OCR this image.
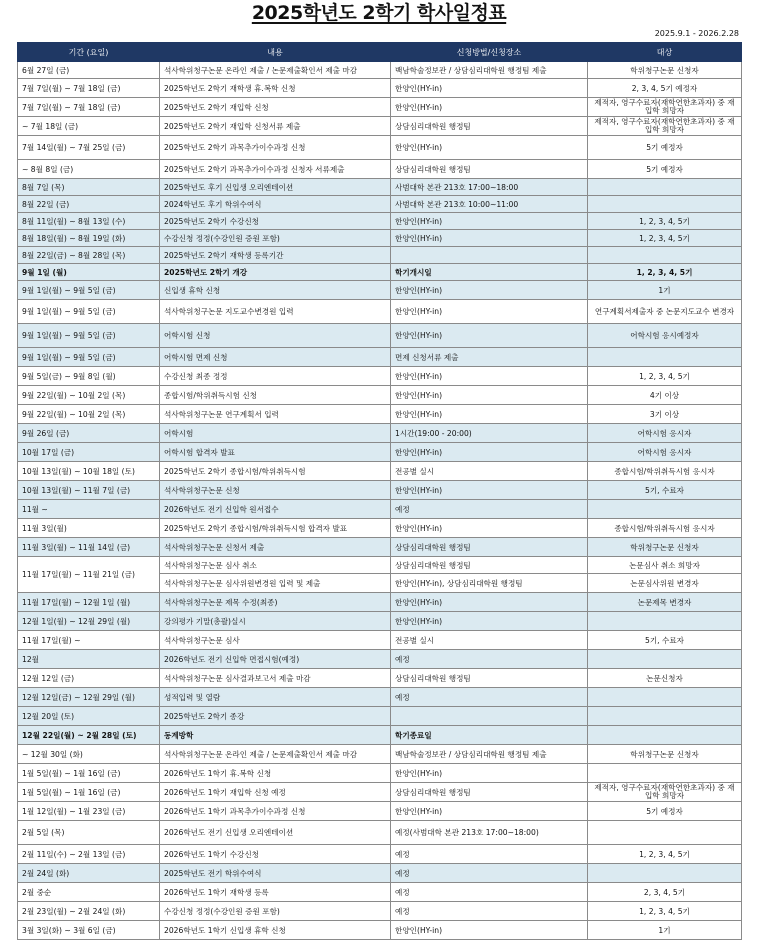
2025학년도 2학기 학사일정표
2025.9.1 - 2026.2.28
기간 (요일)	내용	신청방법/신청장소	대상
6월 27일 (금)	석사학위청구논문 온라인 제출 / 논문제출확인서 제출 마감	백남학술정보관 / 상담심리대학원 행정팀 제출	학위청구논문 신청자
7월 7일(월) ~ 7월 18일 (금)	2025학년도 2학기 재학생 휴.복학 신청	한양인(HY-in)	2, 3, 4, 5기 예정자
7월 7일(월) ~ 7월 18일 (금)	2025학년도 2학기 재입학 신청	한양인(HY-in)	제적자, 영구수료자(재학연한초과자) 중 재입학 희망자
~ 7월 18일 (금)	2025학년도 2학기 재입학 신청서류 제출	상담심리대학원 행정팀	제적자, 영구수료자(재학연한초과자) 중 재입학 희망자
7월 14일(월) ~ 7월 25일 (금)	2025학년도 2학기 과목추가이수과정 신청	한양인(HY-in)	5기 예정자
~ 8월 8일 (금)	2025학년도 2학기 과목추가이수과정 신청자 서류제출	상담심리대학원 행정팀	5기 예정자
8월 7일 (목)	2025학년도 후기 신입생 오리엔테이션	사범대학 본관 213호 17:00~18:00	
8월 22일 (금)	2024학년도 후기 학위수여식	사범대학 본관 213호 10:00~11:00	
8월 11일(월) ~ 8월 13일 (수)	2025학년도 2학기 수강신청	한양인(HY-in)	1, 2, 3, 4, 5기
8월 18일(월) ~ 8월 19일 (화)	수강신청 정정(수강인원 증원 포함)	한양인(HY-in)	1, 2, 3, 4, 5기
8월 22일(금) ~ 8월 28일 (목)	2025학년도 2학기 재학생 등록기간		
9월 1일 (월)	2025학년도 2학기 개강	학기개시일	1, 2, 3, 4, 5기
9월 1일(월) ~ 9월 5일 (금)	신입생 휴학 신청	한양인(HY-in)	1기
9월 1일(월) ~ 9월 5일 (금)	석사학위청구논문 지도교수변경원 입력	한양인(HY-in)	연구계획서제출자 중 논문지도교수 변경자
9월 1일(월) ~ 9월 5일 (금)	어학시험 신청	한양인(HY-in)	어학시험 응시예정자
9월 1일(월) ~ 9월 5일 (금)	어학시험 면제 신청	면제 신청서류 제출	
9월 5일(금) ~ 9월 8일 (월)	수강신청 최종 정정	한양인(HY-in)	1, 2, 3, 4, 5기
9월 22일(월) ~ 10월 2일 (목)	종합시험/학위취득시험 신청	한양인(HY-in)	4기 이상
9월 22일(월) ~ 10월 2일 (목)	석사학위청구논문 연구계획서 입력	한양인(HY-in)	3기 이상
9월 26일 (금)	어학시험	1시간(19:00 - 20:00)	어학시험 응시자
10월 17일 (금)	어학시험 합격자 발표	한양인(HY-in)	어학시험 응시자
10월 13일(월) ~ 10월 18일 (토)	2025학년도 2학기 종합시험/학위취득시험	전공별 실시	종합시험/학위취득시험 응시자
10월 13일(월) ~ 11월 7일 (금)	석사학위청구논문 신청	한양인(HY-in)	5기, 수료자
11월 ~	2026학년도 전기 신입학 원서접수	예정	
11월 3일(월)	2025학년도 2학기 종합시험/학위취득시험 합격자 발표	한양인(HY-in)	종합시험/학위취득시험 응시자
11월 3일(월) ~ 11월 14일 (금)	석사학위청구논문 신청서 제출	상담심리대학원 행정팀	학위청구논문 신청자
11월 17일(월) ~ 11월 21일 (금)	석사학위청구논문 심사 취소	상담심리대학원 행정팀	논문심사 취소 희망자
	석사학위청구논문 심사위원변경원 입력 및 제출	한양인(HY-in), 상담심리대학원 행정팀	논문심사위원 변경자
11월 17일(월) ~ 12월 1일 (월)	석사학위청구논문 제목 수정(최종)	한양인(HY-in)	논문제목 변경자
12월 1일(월) ~ 12월 29일 (월)	강의평가 기말(총괄)실시	한양인(HY-in)	
11월 17일(월) ~	석사학위청구논문 심사	전공별 실시	5기, 수료자
12월	2026학년도 전기 신입학 면접시험(예정)	예정	
12월 12일 (금)	석사학위청구논문 심사결과보고서 제출 마감	상담심리대학원 행정팀	논문신청자
12월 12일(금) ~ 12월 29일 (월)	성적입력 및 열람	예정	
12월 20일 (토)	2025학년도 2학기 종강		
12월 22일(월) ~ 2월 28일 (토)	동계방학	학기종료일	
~ 12월 30일 (화)	석사학위청구논문 온라인 제출 / 논문제출확인서 제출 마감	백남학술정보관 / 상담심리대학원 행정팀 제출	학위청구논문 신청자
1월 5일(월) ~ 1월 16일 (금)	2026학년도 1학기 휴.복학 신청	한양인(HY-in)	
1월 5일(월) ~ 1월 16일 (금)	2026학년도 1학기 재입학 신청 예정	상담심리대학원 행정팀	제적자, 영구수료자(재학연한초과자) 중 재입학 희망자
1월 12일(월) ~ 1월 23일 (금)	2026학년도 1학기 과목추가이수과정 신청	한양인(HY-in)	5기 예정자
2월 5일 (목)	2026학년도 전기 신입생 오리엔테이션	예정(사범대학 본관 213호 17:00~18:00)	
2월 11일(수) ~ 2월 13일 (금)	2026학년도 1학기 수강신청	예정	1, 2, 3, 4, 5기
2월 24일 (화)	2025학년도 전기 학위수여식	예정	
2월 중순	2026학년도 1학기 재학생 등록	예정	2, 3, 4, 5기
2월 23일(월) ~ 2월 24일 (화)	수강신청 정정(수강인원 증원 포함)	예정	1, 2, 3, 4, 5기
3월 3일(화) ~ 3월 6일 (금)	2026학년도 1학기 신입생 휴학 신청	한양인(HY-in)	1기
